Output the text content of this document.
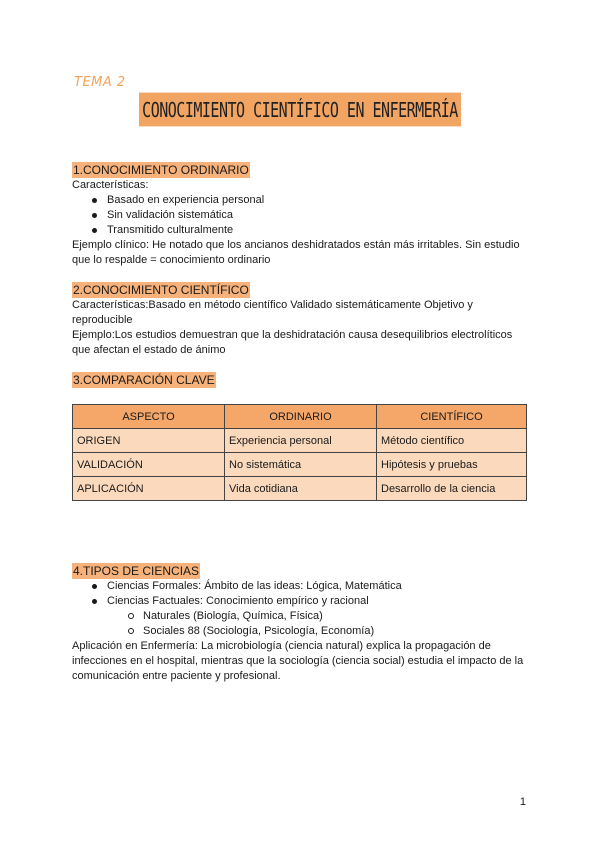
TEMA 2
CONOCIMIENTO CIENTÍFICO EN ENFERMERÍA
1.CONOCIMIENTO ORDINARIO

Características:

Basado en experiencia personal
Sin validación sistemática
Transmitido culturalmente

Ejemplo clínico: He notado que los ancianos deshidratados están más irritables. Sin estudio

que lo respalde = conocimiento ordinario

2.CONOCIMIENTO CIENTÍFICO

Características:Basado en método científico Validado sistemáticamente Objetivo y

reproducible

Ejemplo:Los estudios demuestran que la deshidratación causa desequilibrios electrolíticos

que afectan el estado de ánimo

3.COMPARACIÓN CLAVE
ASPECTO	ORDINARIO	CIENTÍFICO
ORIGEN	Experiencia personal	Método científico
VALIDACIÓN	No sistemática	Hipótesis y pruebas
APLICACIÓN	Vida cotidiana	Desarrollo de la ciencia
4.TIPOS DE CIENCIAS
Ciencias Formales: Ámbito de las ideas: Lógica, Matemática
Ciencias Factuales: Conocimiento empírico y racional
Naturales (Biología, Química, Física)
Sociales 88 (Sociología, Psicología, Economía)

Aplicación en Enfermería: La microbiología (ciencia natural) explica la propagación de

infecciones en el hospital, mientras que la sociología (ciencia social) estudia el impacto de la

comunicación entre paciente y profesional.

1
